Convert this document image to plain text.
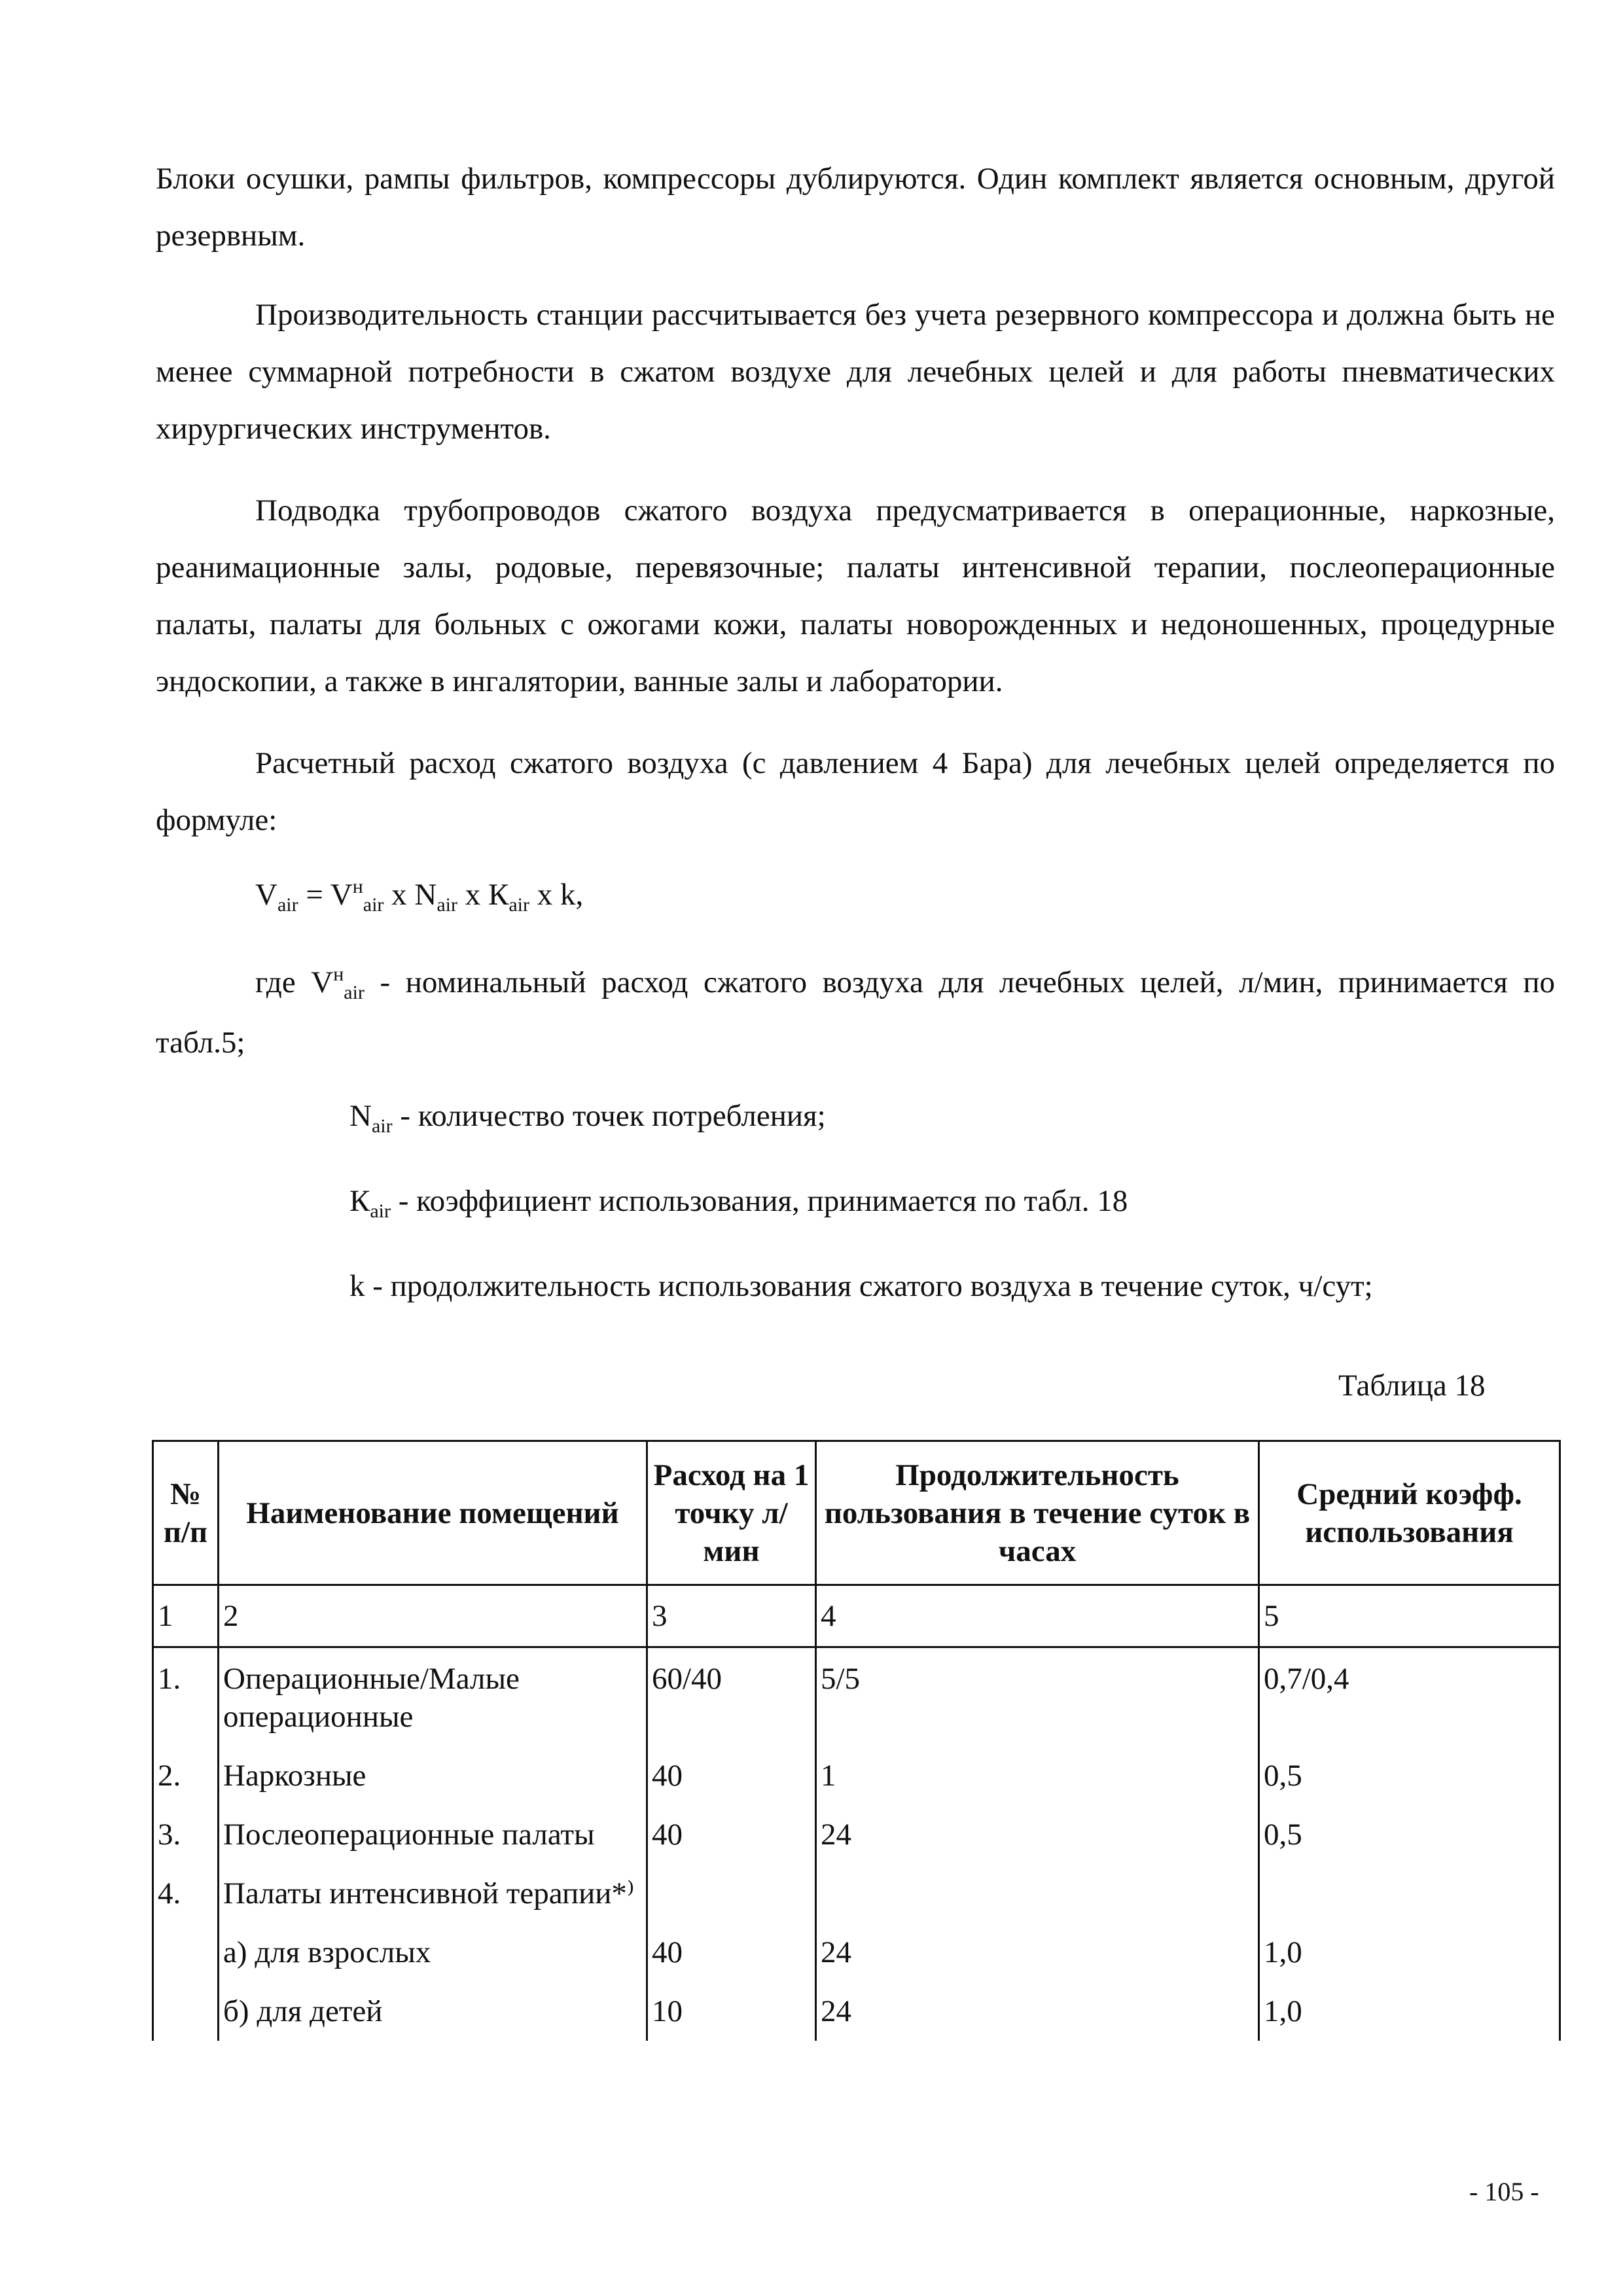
Блоки осушки, рампы фильтров, компрессоры дублируются. Один комплект является основным, другой резервным.

Производительность станции рассчитывается без учета резервного компрессора и должна быть не менее суммарной потребности в сжатом воздухе для лечебных целей и для работы пневматических хирургических инструментов.

Подводка трубопроводов сжатого воздуха предусматривается в операционные, наркозные, реанимационные залы, родовые, перевязочные; палаты интенсивной терапии, послеоперационные палаты, палаты для больных с ожогами кожи, палаты новорожденных и недоношенных, процедурные эндоскопии, а также в ингалятории, ванные залы и лаборатории.

Расчетный расход сжатого воздуха (с давлением 4 Бара) для лечебных целей определяется по формуле:

$V_{air} = V^н_{air}$ x $N_{air}$ x $К_{air}$ x k,

где $V^н_{air}$ - номинальный расход сжатого воздуха для лечебных целей, л/мин, принимается по табл.5;

$N_{air}$ - количество точек потребления;
$К_{air}$ - коэффициент использования, принимается по табл. 18
k - продолжительность использования сжатого воздуха в течение суток, ч/сут;
Таблица 18
№ п/п	Наименование помещений	Расход на 1 точку л/мин	Продолжительность пользования в течение суток в часах	Средний коэфф. использования
1	2	3	4	5
1.	Операционные/Малые операционные	60/40	5/5	0,7/0,4
2.	Наркозные	40	1	0,5
3.	Послеоперационные палаты	40	24	0,5
4.	Палаты интенсивной терапии*⁾			
	а) для взрослых	40	24	1,0
	б) для детей	10	24	1,0
- 105 -
